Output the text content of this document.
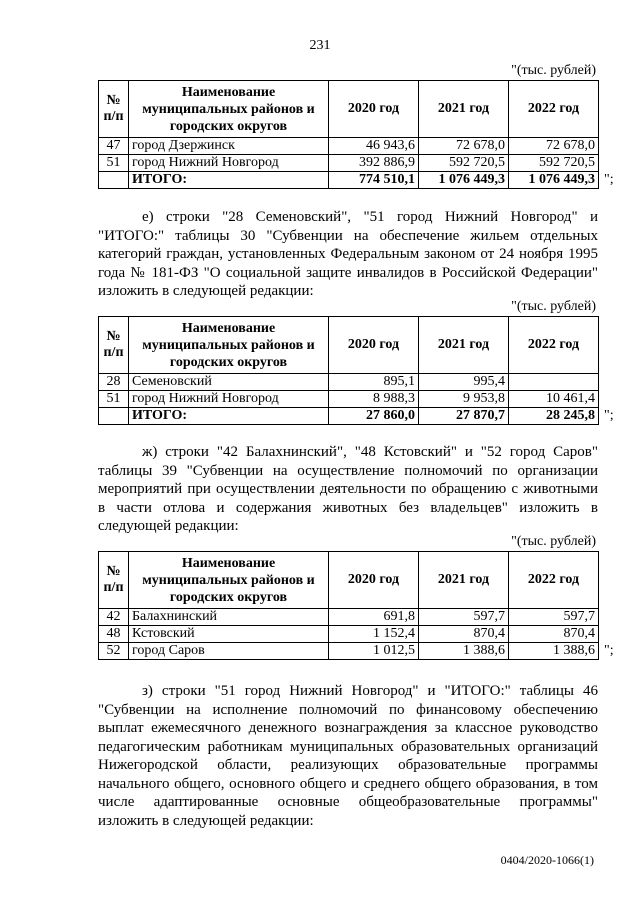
231
"(тыс. рублей)
№ п/п	Наименование муниципальных районов и городских округов	2020 год	2021 год	2022 год
47	город Дзержинск	46 943,6	72 678,0	72 678,0
51	город Нижний Новгород	392 886,9	592 720,5	592 720,5
	ИТОГО:	774 510,1	1 076 449,3	1 076 449,3 ";
е) строки "28 Семеновский", "51 город Нижний Новгород" и "ИТОГО:" таблицы 30 "Субвенции на обеспечение жильем отдельных категорий граждан, установленных Федеральным законом от 24 ноября 1995 года № 181-ФЗ "О социальной защите инвалидов в Российской Федерации" изложить в следующей редакции:
"(тыс. рублей)
№ п/п	Наименование муниципальных районов и городских округов	2020 год	2021 год	2022 год
28	Семеновский	895,1	995,4	
51	город Нижний Новгород	8 988,3	9 953,8	10 461,4
	ИТОГО:	27 860,0	27 870,7	28 245,8 ";
ж) строки "42 Балахнинский", "48 Кстовский" и "52 город Саров" таблицы 39 "Субвенции на осуществление полномочий по организации мероприятий при осуществлении деятельности по обращению с животными в части отлова и содержания животных без владельцев" изложить в следующей редакции:
"(тыс. рублей)
№ п/п	Наименование муниципальных районов и городских округов	2020 год	2021 год	2022 год
42	Балахнинский	691,8	597,7	597,7
48	Кстовский	1 152,4	870,4	870,4
52	город Саров	1 012,5	1 388,6	1 388,6 ";
з) строки "51 город Нижний Новгород" и "ИТОГО:" таблицы 46 "Субвенции на исполнение полномочий по финансовому обеспечению выплат ежемесячного денежного вознаграждения за классное руководство педагогическим работникам муниципальных образовательных организаций Нижегородской области, реализующих образовательные программы начального общего, основного общего и среднего общего образования, в том числе адаптированные основные общеобразовательные программы" изложить в следующей редакции:
0404/2020-1066(1)
